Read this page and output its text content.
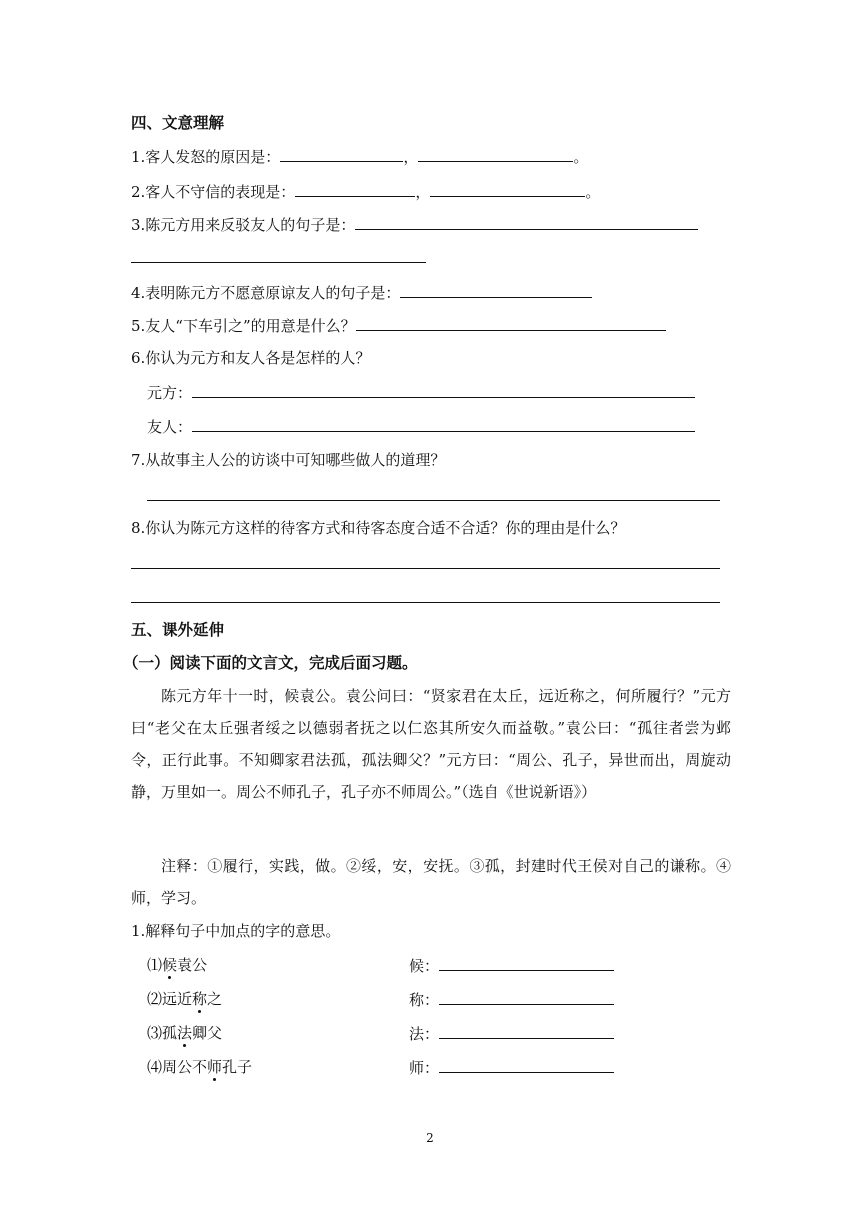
四、文意理解
1.客人发怒的原因是：	，	。
2.客人不守信的表现是：	，	。
3.陈元方用来反驳友人的句子是：
4.表明陈元方不愿意原谅友人的句子是：
5.友人“下车引之”的用意是什么？
6.你认为元方和友人各是怎样的人？
元方：
友人：
7.从故事主人公的访谈中可知哪些做人的道理？
8.你认为陈元方这样的待客方式和待客态度合适不合适？你的理由是什么？
五、课外延伸
（一）阅读下面的文言文，完成后面习题。
陈元方年十一时，候袁公。袁公问曰：“贤家君在太丘，远近称之，何所履行？”元方曰“老父在太丘强者绥之以德弱者抚之以仁恣其所安久而益敬。”袁公曰：“孤往者尝为邺令，正行此事。不知卿家君法孤，孤法卿父？”元方曰：“周公、孔子，异世而出，周旋动静，万里如一。周公不师孔子，孔子亦不师周公。”（选自《世说新语》）
注释：①履行，实践，做。②绥，安，安抚。③孤，封建时代王侯对自己的谦称。④师，学习。
1.解释句子中加点的字的意思。
⑴候袁公	候：
⑵远近称之	称：
⑶孤法卿父	法：
⑷周公不师孔子	师：
2
